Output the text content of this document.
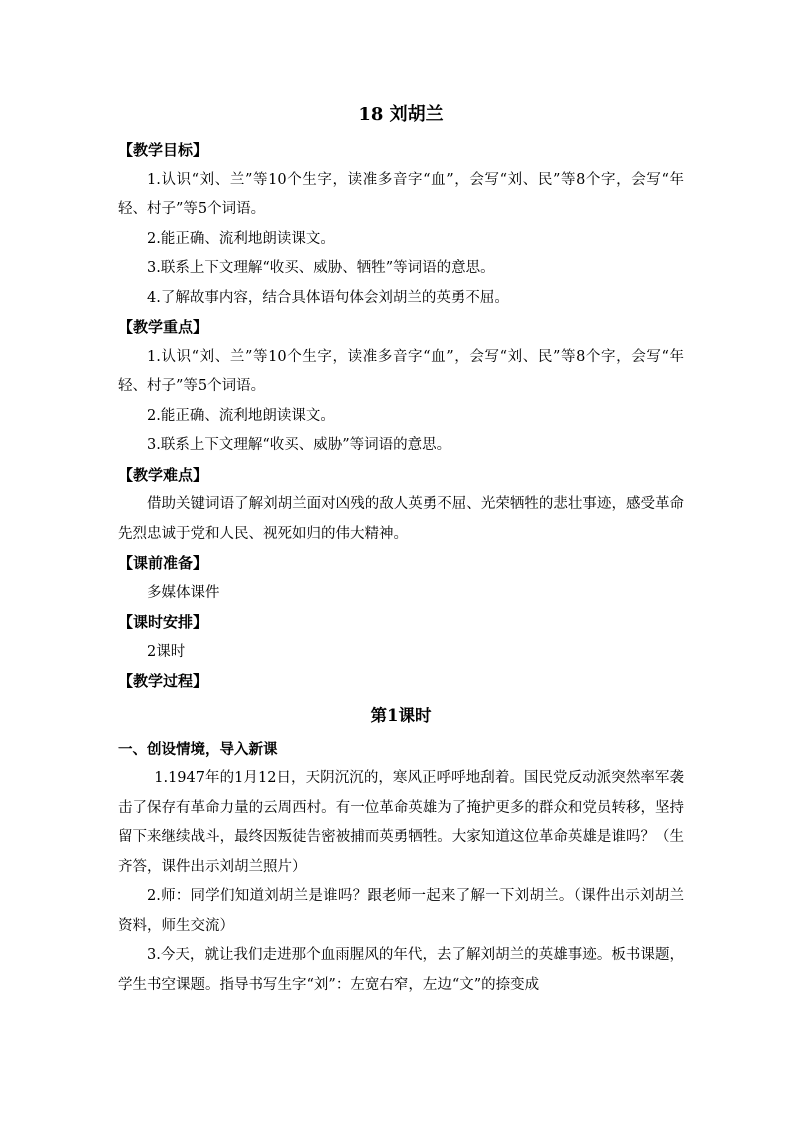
18 刘胡兰

【教学目标】

1.认识“刘、兰”等10个生字，读准多音字“血”，会写“刘、民”等8个字，会写“年轻、村子”等5个词语。

2.能正确、流利地朗读课文。

3.联系上下文理解“收买、威胁、牺牲”等词语的意思。

4.了解故事内容，结合具体语句体会刘胡兰的英勇不屈。

【教学重点】

1.认识“刘、兰”等10个生字，读准多音字“血”，会写“刘、民”等8个字，会写“年轻、村子”等5个词语。

2.能正确、流利地朗读课文。

3.联系上下文理解“收买、威胁”等词语的意思。

【教学难点】

借助关键词语了解刘胡兰面对凶残的敌人英勇不屈、光荣牺牲的悲壮事迹，感受革命先烈忠诚于党和人民、视死如归的伟大精神。

【课前准备】

多媒体课件

【课时安排】

2课时

【教学过程】

第1课时

一、创设情境，导入新课

1.1947年的1月12日，天阴沉沉的，寒风正呼呼地刮着。国民党反动派突然率军袭击了保存有革命力量的云周西村。有一位革命英雄为了掩护更多的群众和党员转移，坚持留下来继续战斗，最终因叛徒告密被捕而英勇牺牲。大家知道这位革命英雄是谁吗？（生齐答，课件出示刘胡兰照片）

2.师：同学们知道刘胡兰是谁吗？跟老师一起来了解一下刘胡兰。（课件出示刘胡兰资料，师生交流）

3.今天，就让我们走进那个血雨腥风的年代，去了解刘胡兰的英雄事迹。板书课题，学生书空课题。指导书写生字“刘”：左宽右窄，左边“文”的捺变成
